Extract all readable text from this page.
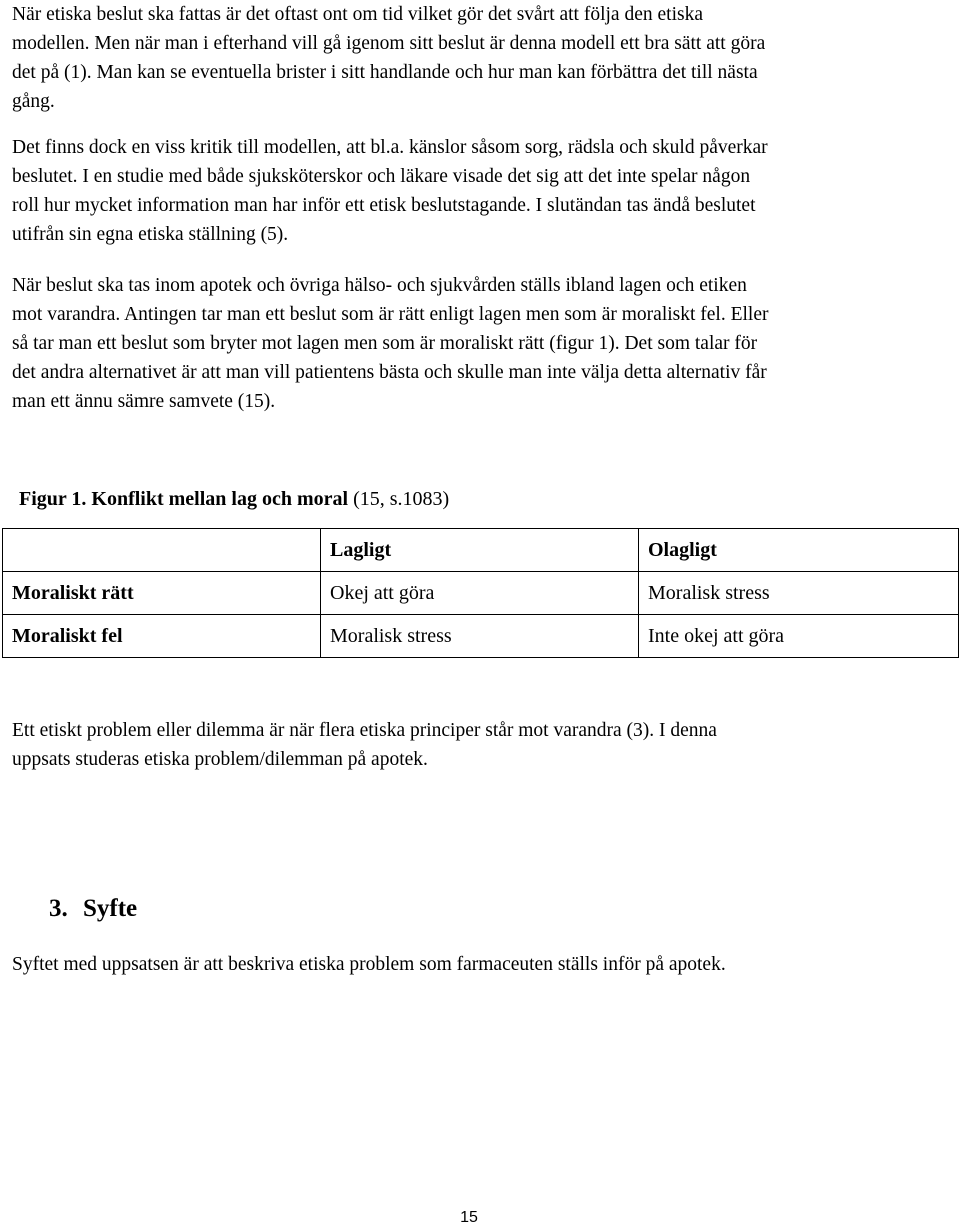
När etiska beslut ska fattas är det oftast ont om tid vilket gör det svårt att följa den etiska
modellen. Men när man i efterhand vill gå igenom sitt beslut är denna modell ett bra sätt att göra
det på (1). Man kan se eventuella brister i sitt handlande och hur man kan förbättra det till nästa
gång.
Det finns dock en viss kritik till modellen, att bl.a. känslor såsom sorg, rädsla och skuld påverkar
beslutet. I en studie med både sjuksköterskor och läkare visade det sig att det inte spelar någon
roll hur mycket information man har inför ett etisk beslutstagande. I slutändan tas ändå beslutet
utifrån sin egna etiska ställning (5).
När beslut ska tas inom apotek och övriga hälso- och sjukvården ställs ibland lagen och etiken
mot varandra. Antingen tar man ett beslut som är rätt enligt lagen men som är moraliskt fel. Eller
så tar man ett beslut som bryter mot lagen men som är moraliskt rätt (figur 1). Det som talar för
det andra alternativet är att man vill patientens bästa och skulle man inte välja detta alternativ får
man ett ännu sämre samvete (15).
Figur 1. Konflikt mellan lag och moral (15, s.1083)
	Lagligt	Olagligt
Moraliskt rätt	Okej att göra	Moralisk stress
Moraliskt fel	Moralisk stress	Inte okej att göra
Ett etiskt problem eller dilemma är när flera etiska principer står mot varandra (3). I denna
uppsats studeras etiska problem/dilemman på apotek.
3. Syfte
Syftet med uppsatsen är att beskriva etiska problem som farmaceuten ställs inför på apotek.
15
